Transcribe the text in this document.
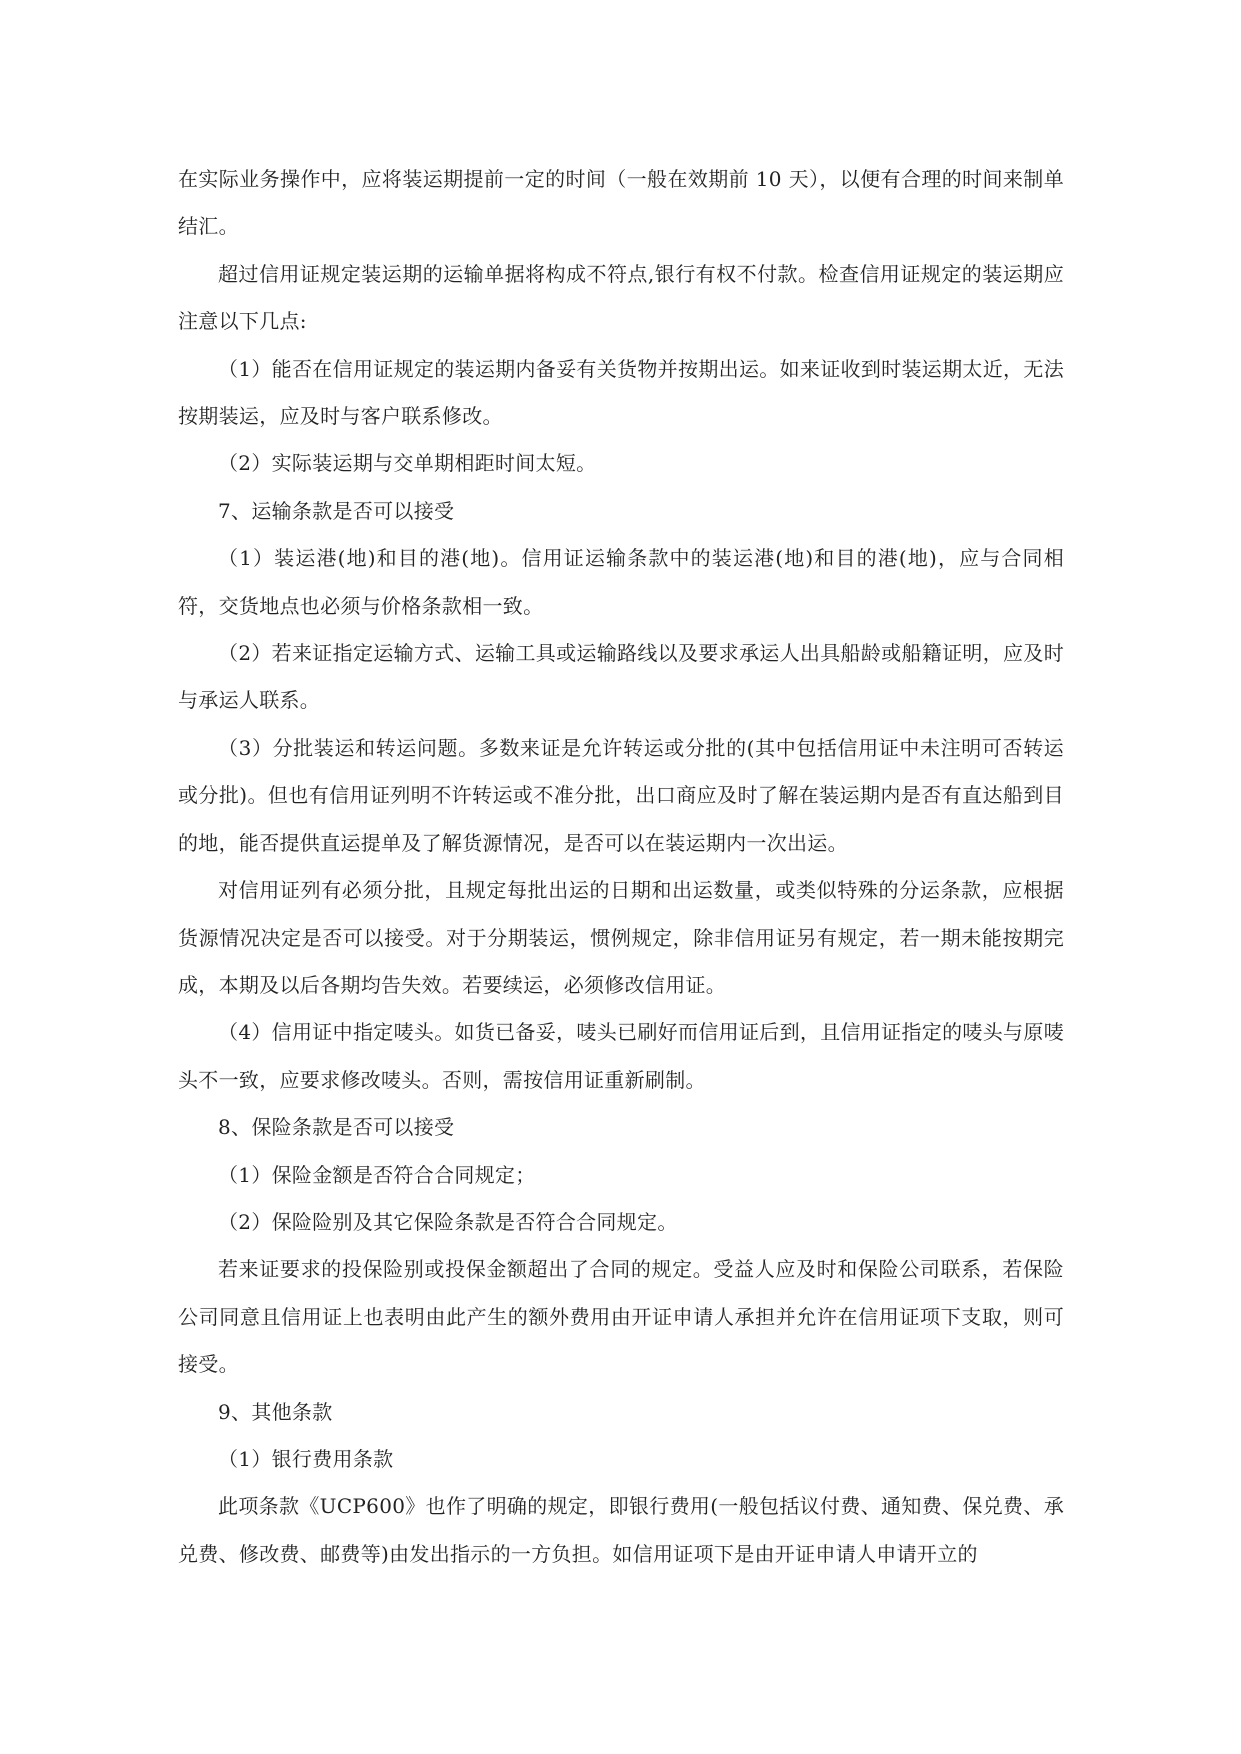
在实际业务操作中，应将装运期提前一定的时间（一般在效期前 10 天），以便有合理的时间来制单结汇。

超过信用证规定装运期的运输单据将构成不符点,银行有权不付款。检查信用证规定的装运期应注意以下几点:

（1）能否在信用证规定的装运期内备妥有关货物并按期出运。如来证收到时装运期太近，无法按期装运，应及时与客户联系修改。

（2）实际装运期与交单期相距时间太短。

7、运输条款是否可以接受

（1）装运港(地)和目的港(地)。信用证运输条款中的装运港(地)和目的港(地)，应与合同相符，交货地点也必须与价格条款相一致。

（2）若来证指定运输方式、运输工具或运输路线以及要求承运人出具船龄或船籍证明，应及时与承运人联系。

（3）分批装运和转运问题。多数来证是允许转运或分批的(其中包括信用证中未注明可否转运或分批)。但也有信用证列明不许转运或不准分批，出口商应及时了解在装运期内是否有直达船到目的地，能否提供直运提单及了解货源情况，是否可以在装运期内一次出运。

对信用证列有必须分批，且规定每批出运的日期和出运数量，或类似特殊的分运条款，应根据货源情况决定是否可以接受。对于分期装运，惯例规定，除非信用证另有规定，若一期未能按期完成，本期及以后各期均告失效。若要续运，必须修改信用证。

（4）信用证中指定唛头。如货已备妥，唛头已刷好而信用证后到，且信用证指定的唛头与原唛头不一致，应要求修改唛头。否则，需按信用证重新刷制。

8、保险条款是否可以接受

（1）保险金额是否符合合同规定；

（2）保险险别及其它保险条款是否符合合同规定。

若来证要求的投保险别或投保金额超出了合同的规定。受益人应及时和保险公司联系，若保险公司同意且信用证上也表明由此产生的额外费用由开证申请人承担并允许在信用证项下支取，则可接受。

9、其他条款

（1）银行费用条款

此项条款《UCP600》也作了明确的规定，即银行费用(一般包括议付费、通知费、保兑费、承兑费、修改费、邮费等)由发出指示的一方负担。如信用证项下是由开证申请人申请开立的
